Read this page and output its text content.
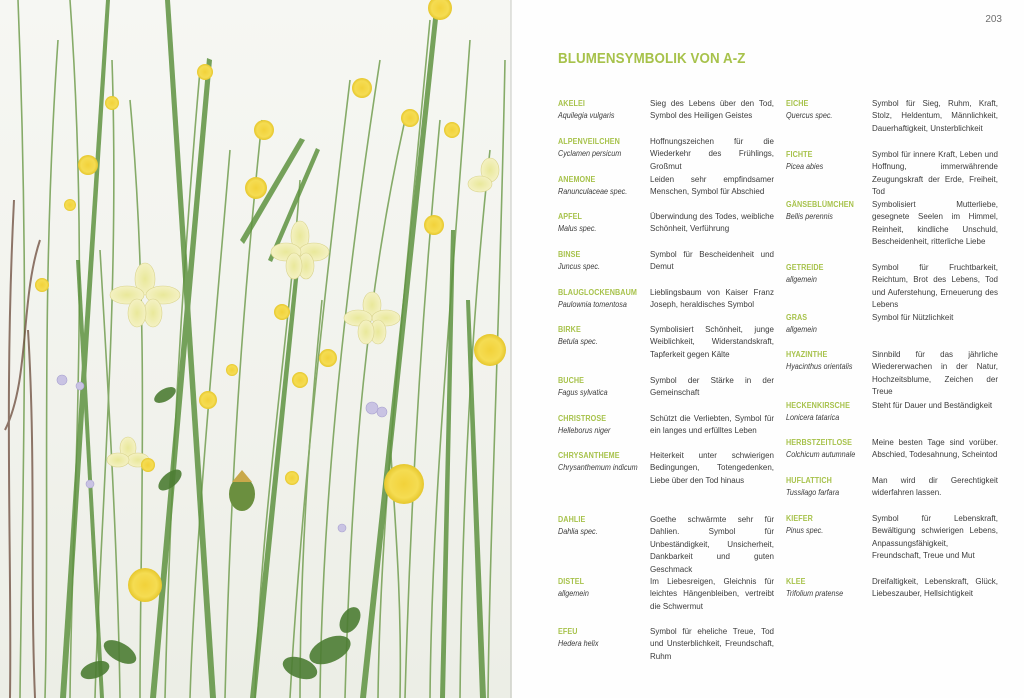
203
BLUMENSYMBOLIK VON A-Z
AKELEI
Aquilegia vulgaris
Sieg des Lebens über den Tod, Symbol des Heiligen Geistes
ALPENVEILCHEN
Cyclamen persicum
Hoffnungszeichen für die Wiederkehr des Frühlings, Großmut
ANEMONE
Ranunculaceae spec.
Leiden sehr empfindsamer Menschen, Symbol für Abschied
APFEL
Malus spec.
Überwindung des Todes, weibliche Schönheit, Verführung
BINSE
Juncus spec.
Symbol für Bescheidenheit und Demut
BLAUGLOCKENBAUM
Paulownia tomentosa
Lieblingsbaum von Kaiser Franz Joseph, heraldisches Symbol
BIRKE
Betula spec.
Symbolisiert Schönheit, junge Weiblichkeit, Widerstandskraft, Tapferkeit gegen Kälte
BUCHE
Fagus sylvatica
Symbol der Stärke in der Gemeinschaft
CHRISTROSE
Helleborus niger
Schützt die Verliebten, Symbol für ein langes und erfülltes Leben
CHRYSANTHEME
Chrysanthemum indicum
Heiterkeit unter schwierigen Bedingungen, Totengedenken, Liebe über den Tod hinaus
DAHLIE
Dahlia spec.
Goethe schwärmte sehr für Dahlien. Symbol für Unbeständigkeit, Unsicherheit, Dankbarkeit und guten Geschmack
DISTEL
allgemein
Im Liebesreigen, Gleichnis für leichtes Hängenbleiben, vertreibt die Schwermut
EFEU
Hedera helix
Symbol für eheliche Treue, Tod und Unsterblichkeit, Freundschaft, Ruhm
EICHE
Quercus spec.
Symbol für Sieg, Ruhm, Kraft, Stolz, Heldentum, Männlichkeit, Dauerhaftigkeit, Unsterblichkeit
FICHTE
Picea abies
Symbol für innere Kraft, Leben und Hoffnung, immerwährende Zeugungskraft der Erde, Freiheit, Tod
GÄNSEBLÜMCHEN
Bellis perennis
Symbolisiert Mutterliebe, gesegnete Seelen im Himmel, Reinheit, kindliche Unschuld, Bescheidenheit, ritterliche Liebe
GETREIDE
allgemein
Symbol für Fruchtbarkeit, Reichtum, Brot des Lebens, Tod und Auferstehung, Erneuerung des Lebens
GRAS
allgemein
Symbol für Nützlichkeit
HYAZINTHE
Hyacinthus orientalis
Sinnbild für das jährliche Wiedererwachen in der Natur, Hochzeitsblume, Zeichen der Treue
HECKENKIRSCHE
Lonicera tatarica
Steht für Dauer und Beständigkeit
HERBSTZEITLOSE
Colchicum autumnale
Meine besten Tage sind vorüber. Abschied, Todesahnung, Scheintod
HUFLATTICH
Tussilago farfara
Man wird dir Gerechtigkeit widerfahren lassen.
KIEFER
Pinus spec.
Symbol für Lebenskraft, Bewältigung schwierigen Lebens, Anpassungsfähigkeit, Freundschaft, Treue und Mut
KLEE
Trifolium pratense
Dreifaltigkeit, Lebenskraft, Glück, Liebeszauber, Hellsichtigkeit
